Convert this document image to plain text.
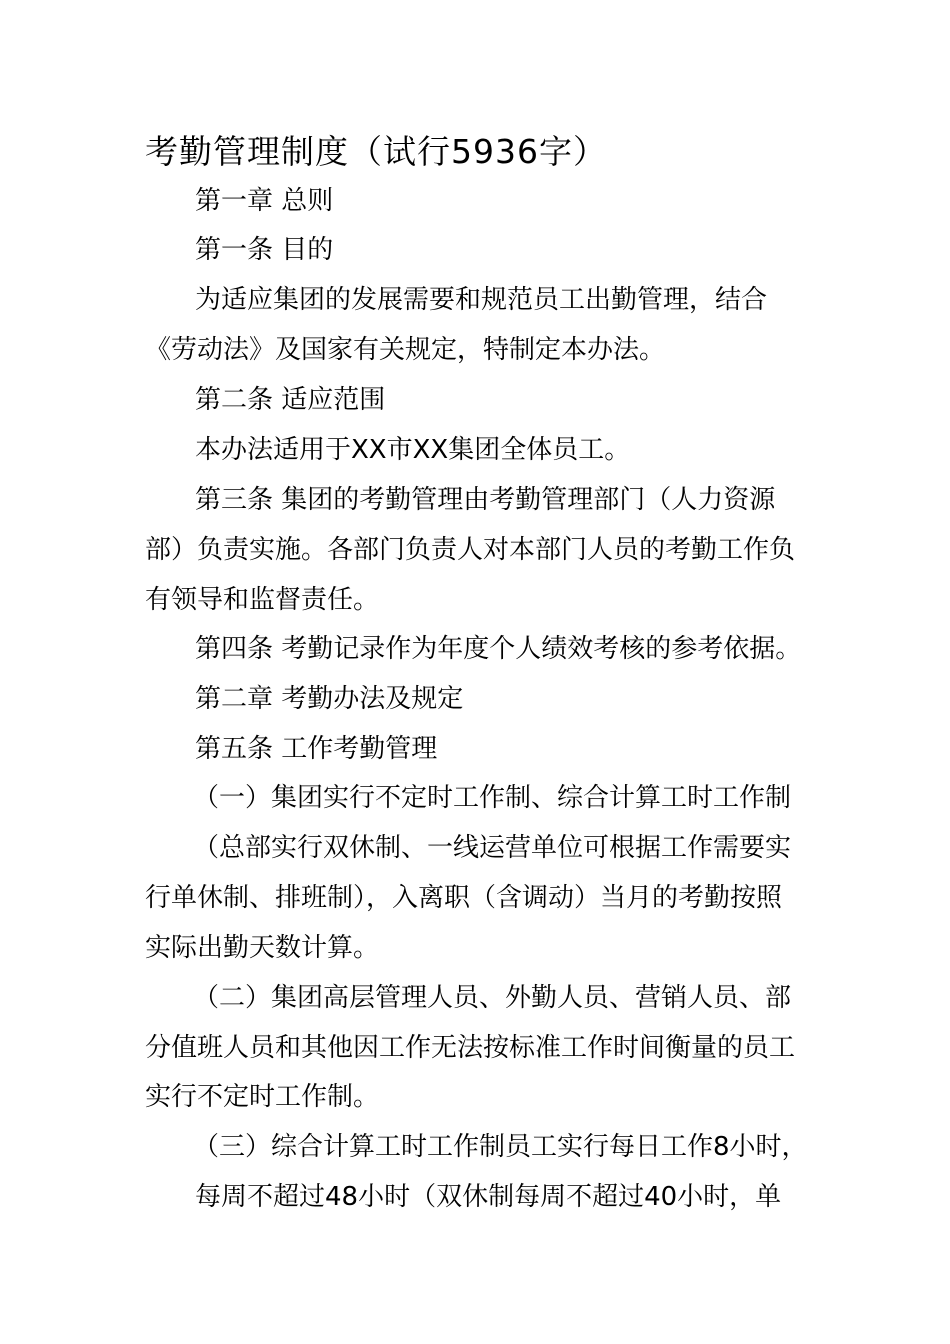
考勤管理制度（试行5936字）
第一章 总则
第一条 目的
为适应集团的发展需要和规范员工出勤管理，结合
《劳动法》及国家有关规定，特制定本办法。
第二条 适应范围
本办法适用于XX市XX集团全体员工。
第三条 集团的考勤管理由考勤管理部门（人力资源
部）负责实施。各部门负责人对本部门人员的考勤工作负
有领导和监督责任。
第四条 考勤记录作为年度个人绩效考核的参考依据。
第二章 考勤办法及规定
第五条 工作考勤管理
（一）集团实行不定时工作制、综合计算工时工作制
（总部实行双休制、一线运营单位可根据工作需要实
行单休制、排班制），入离职（含调动）当月的考勤按照
实际出勤天数计算。
（二）集团高层管理人员、外勤人员、营销人员、部
分值班人员和其他因工作无法按标准工作时间衡量的员工
实行不定时工作制。
（三）综合计算工时工作制员工实行每日工作8小时，
每周不超过48小时（双休制每周不超过40小时，单
